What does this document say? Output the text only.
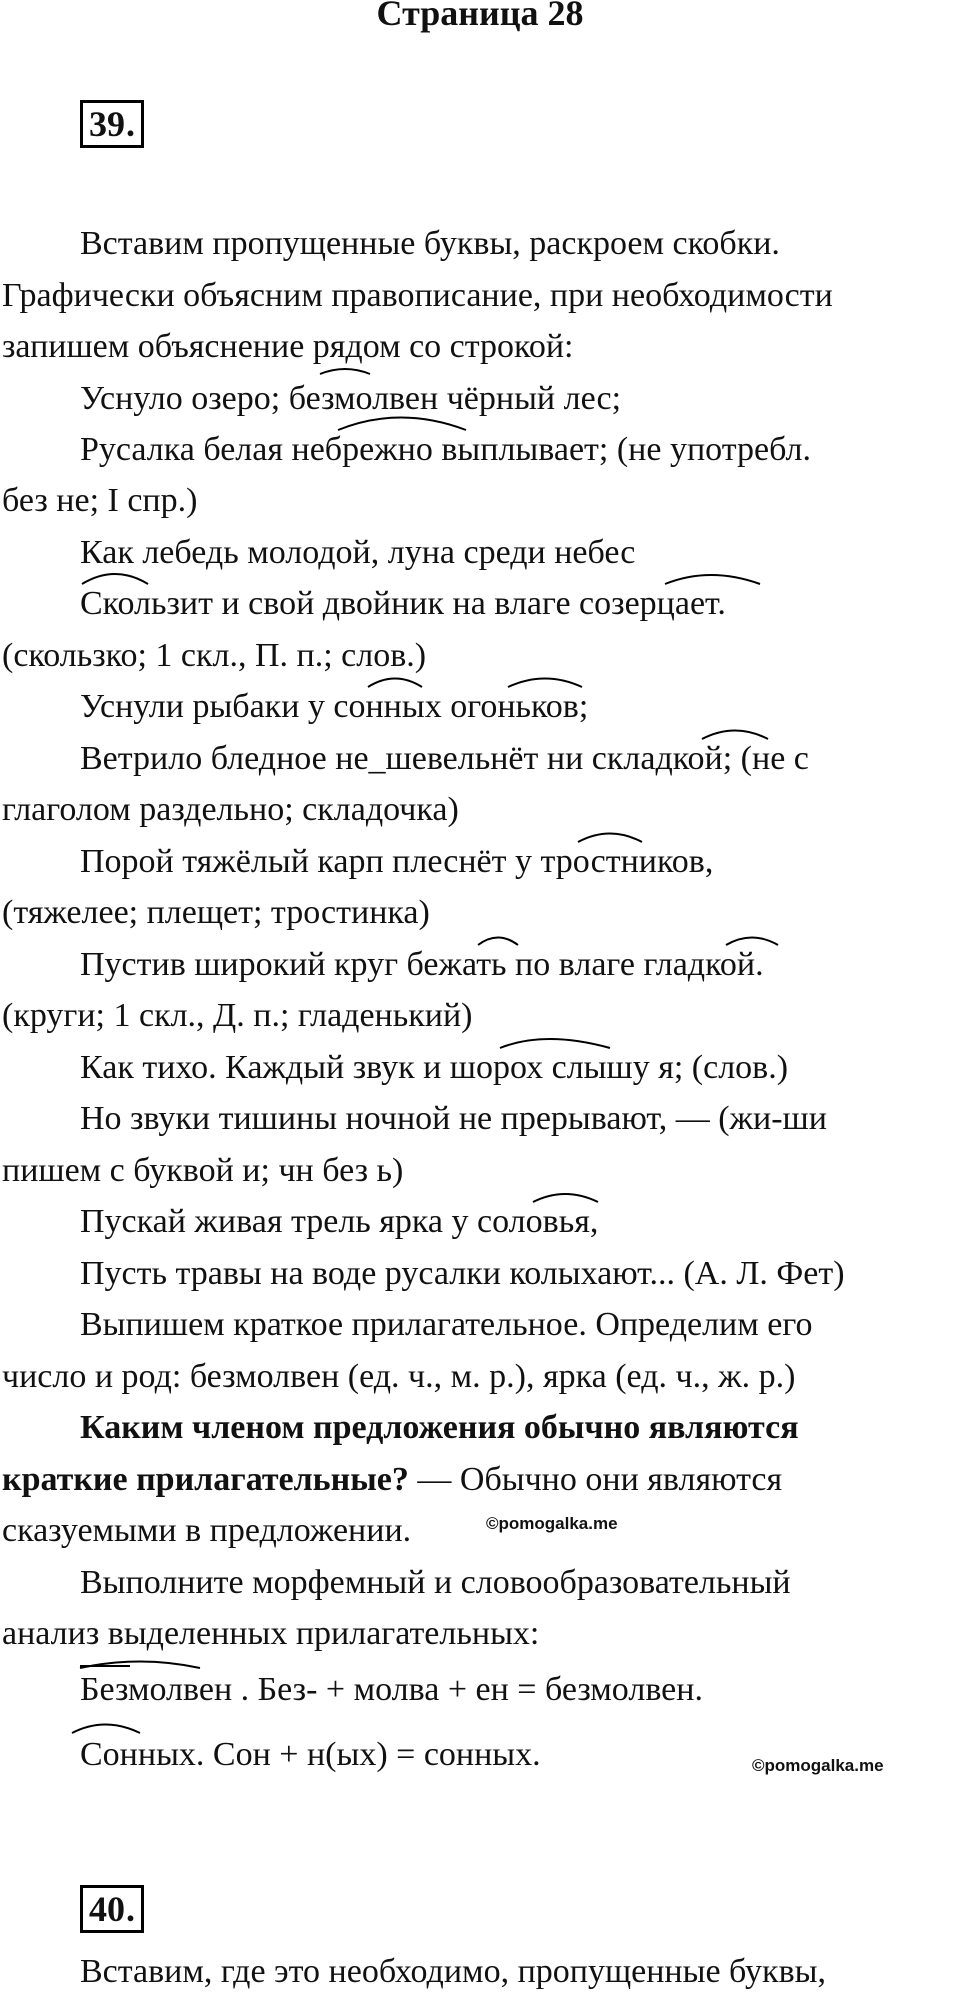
Страница 28
39.
Вставим пропущенные буквы, раскроем скобки.
Графически объясним правописание, при необходимости
запишем объяснение рядом со строкой:
Уснуло озеро; безмолвен чёрный лес;
Русалка белая небрежно выплывает; (не употребл.
без не; I спр.)
Как лебедь молодой, луна среди небес
Скользит и свой двойник на влаге созерцает.
(скользко; 1 скл., П. п.; слов.)
Уснули рыбаки у сонных огоньков;
Ветрило бледное не_шевельнёт ни складкой; (не с
глаголом раздельно; складочка)
Порой тяжёлый карп плеснёт у тростников,
(тяжелее; плещет; тростинка)
Пустив широкий круг бежать по влаге гладкой.
(круги; 1 скл., Д. п.; гладенький)
Как тихо. Каждый звук и шорох слышу я; (слов.)
Но звуки тишины ночной не прерывают, — (жи-ши
пишем с буквой и; чн без ь)
Пускай живая трель ярка у соловья,
Пусть травы на воде русалки колыхают... (А. Л. Фет)
Выпишем краткое прилагательное. Определим его
число и род: безмолвен (ед. ч., м. р.), ярка (ед. ч., ж. р.)
Каким членом предложения обычно являются
краткие прилагательные? — Обычно они являются
сказуемыми в предложении.	©pomogalka.me
Выполните морфемный и словообразовательный
анализ выделенных прилагательных:
Безмолвен . Без- + молва + ен = безмолвен.
Сонных. Сон + н(ых) = сонных.	©pomogalka.me
40.
Вставим, где это необходимо, пропущенные буквы,
